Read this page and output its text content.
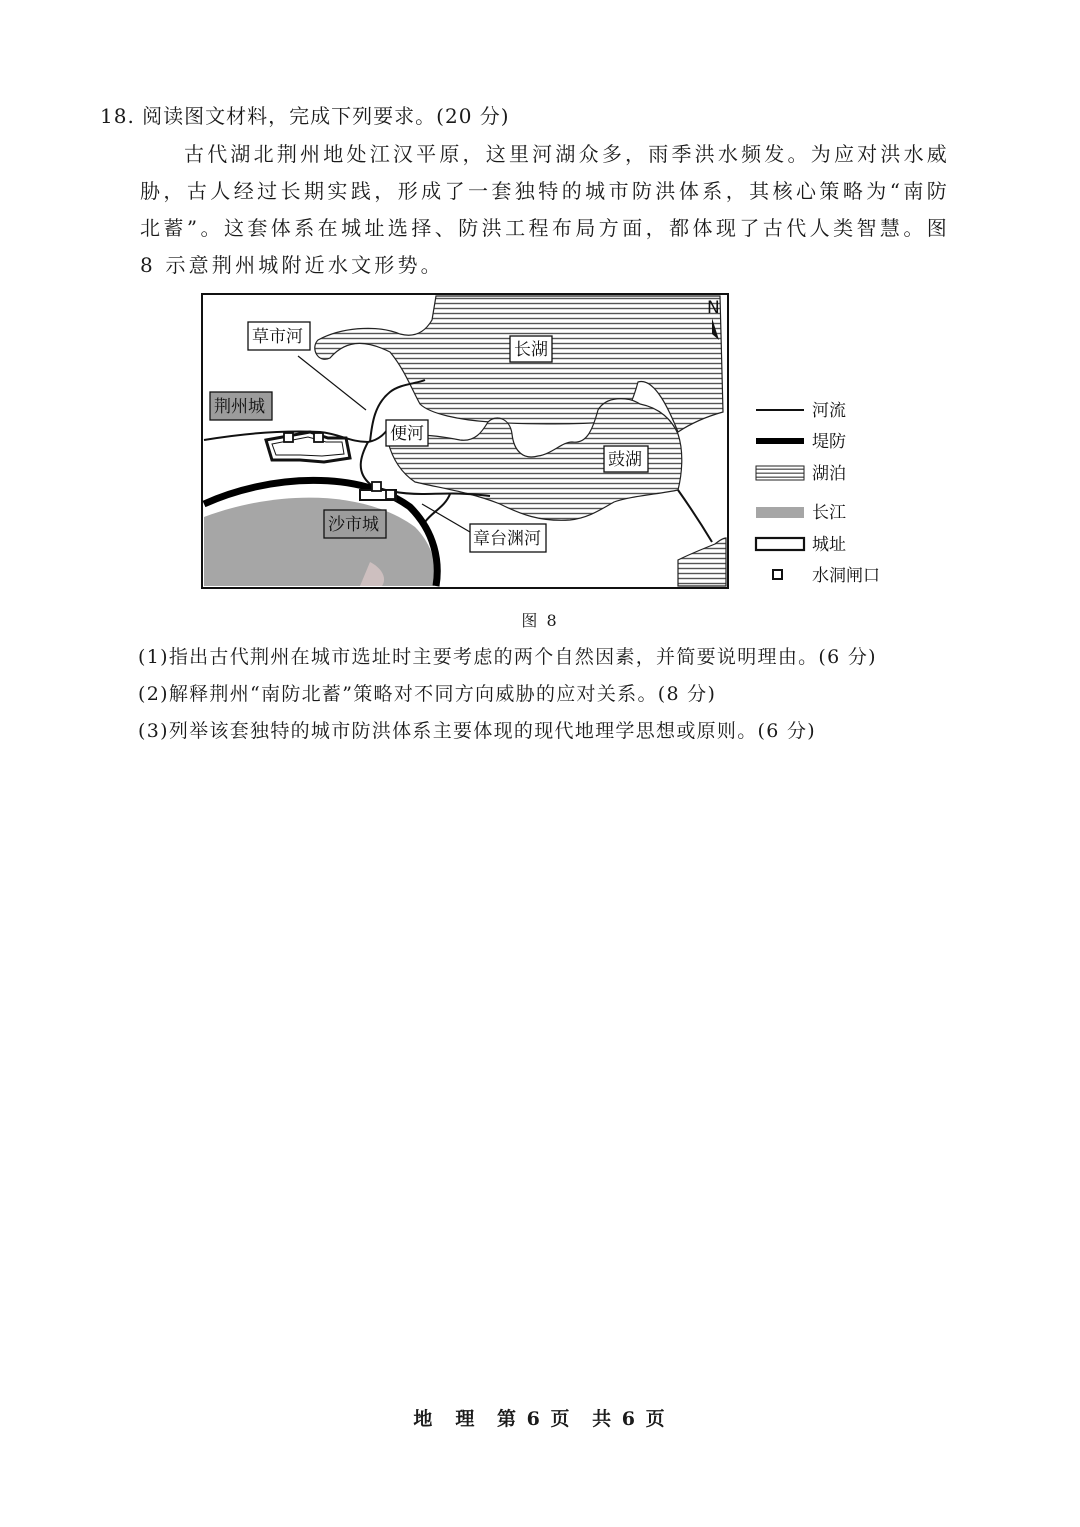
18. 阅读图文材料，完成下列要求。(20 分)

古代湖北荆州地处江汉平原，这里河湖众多，雨季洪水频发。为应对洪水威胁，古人经过长期实践，形成了一套独特的城市防洪体系，其核心策略为“南防北蓄”。这套体系在城址选择、防洪工程布局方面，都体现了古代人类智慧。图 8 示意荆州城附近水文形势。

N
草市河
荆州城
长湖
便河
豉湖
沙市城
章台渊河
河流
堤防
湖泊
长江
城址
水洞闸口
图 8
(1)指出古代荆州在城市选址时主要考虑的两个自然因素，并简要说明理由。(6 分)
(2)解释荆州“南防北蓄”策略对不同方向威胁的应对关系。(8 分)
(3)列举该套独特的城市防洪体系主要体现的现代地理学思想或原则。(6 分)
地　理 第 6 页 共 6 页
